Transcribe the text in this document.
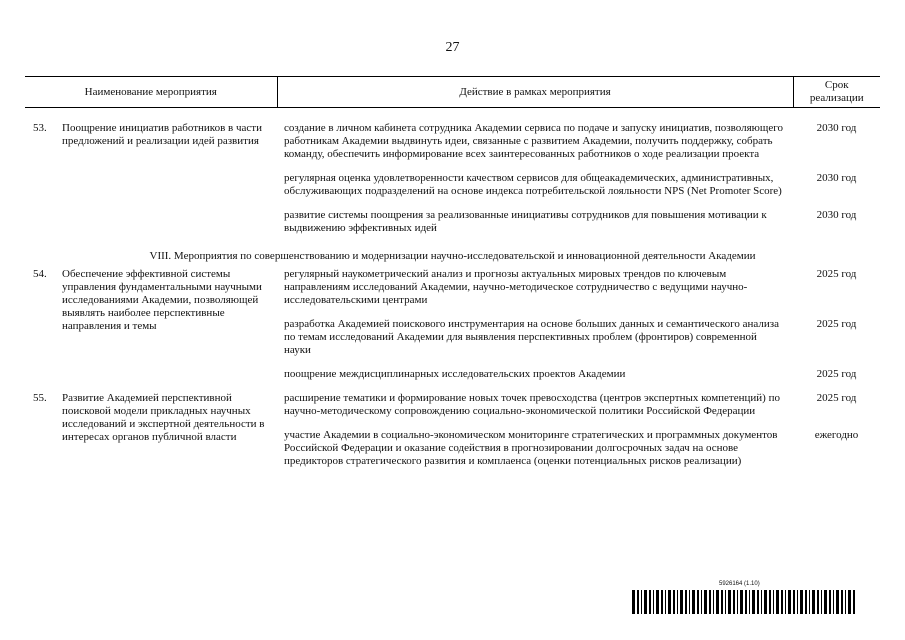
27
Наименование мероприятия		Действие в рамках мероприятия	Срок реализации	

53.	Поощрение инициатив работников в части предложений и реализации идей развития	создание в личном кабинета сотрудника Академии сервиса по подаче и запуску инициатив, позволяющего работникам Академии выдвинуть идеи, связанные с развитием Академии, получить поддержку, собрать команду, обеспечить информирование всех заинтересованных работников о ходе реализации проекта	2030 год	

		регулярная оценка удовлетворенности качеством сервисов для общеакадемических, административных, обслуживающих подразделений на основе индекса потребительской лояльности NPS (Net Promoter Score)	2030 год	

		развитие системы поощрения за реализованные инициативы сотрудников для повышения мотивации к выдвижению эффективных идей	2030 год	

VIII. Мероприятия по совершенствованию и модернизации научно-исследовательской и инновационной деятельности Академии				
54.	Обеспечение эффективной системы управления фундаментальными научными исследованиями Академии, позволяющей выявлять наиболее перспективные направления и темы	регулярный наукометрический анализ и прогнозы актуальных мировых трендов по ключевым направлениям исследований Академии, научно-методическое сотрудничество с ведущими научно-исследовательскими центрами	2025 год	

		разработка Академией поискового инструментария на основе больших данных и семантического анализа по темам исследований Академии для выявления перспективных проблем (фронтиров) современной науки	2025 год	

		поощрение междисциплинарных исследовательских проектов Академии	2025 год	

55.	Развитие Академией перспективной поисковой модели прикладных научных исследований и экспертной деятельности в интересах органов публичной власти	расширение тематики и формирование новых точек превосходства (центров экспертных компетенций) по научно-методическому сопровождению социально-экономической политики Российской Федерации	2025 год	

		участие Академии в социально-экономическом мониторинге стратегических и программных документов Российской Федерации и оказание содействия в прогнозировании долгосрочных задач на основе предикторов стратегического развития и комплаенса (оценки потенциальных рисков реализации)	ежегодно	

5926164 (1.10)
